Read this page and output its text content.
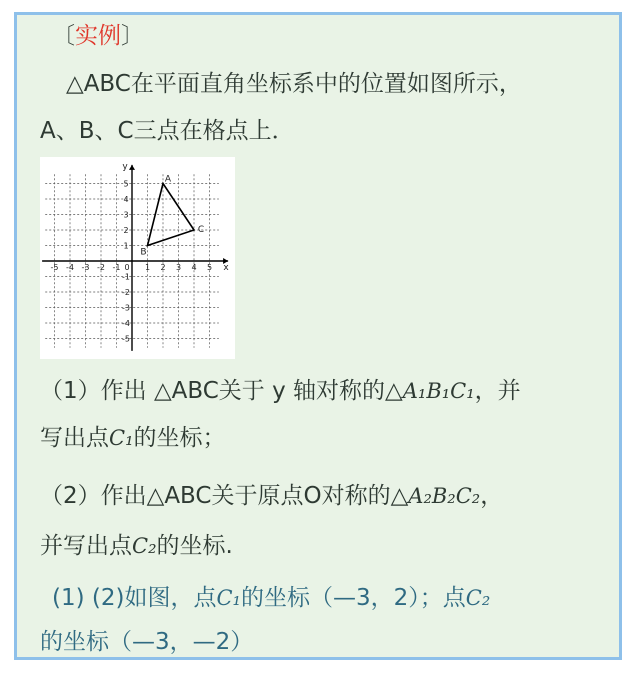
〔实例〕
△ABC在平面直角坐标系中的位置如图所示，
A、B、C三点在格点上．
-5 -4 -3 -2 -1	1 2 3 4 5
5
4
3
2
1
-1
-2
-3
-4
-5
0	x
y
A
B
C
（1）作出 △ABC关于 y 轴对称的△A₁B₁C₁，并
写出点C₁的坐标；
（2）作出△ABC关于原点O对称的△A₂B₂C₂，
并写出点C₂的坐标.
(1) (2)如图，点C₁的坐标（—3，2）；点C₂
的坐标（—3，—2）
